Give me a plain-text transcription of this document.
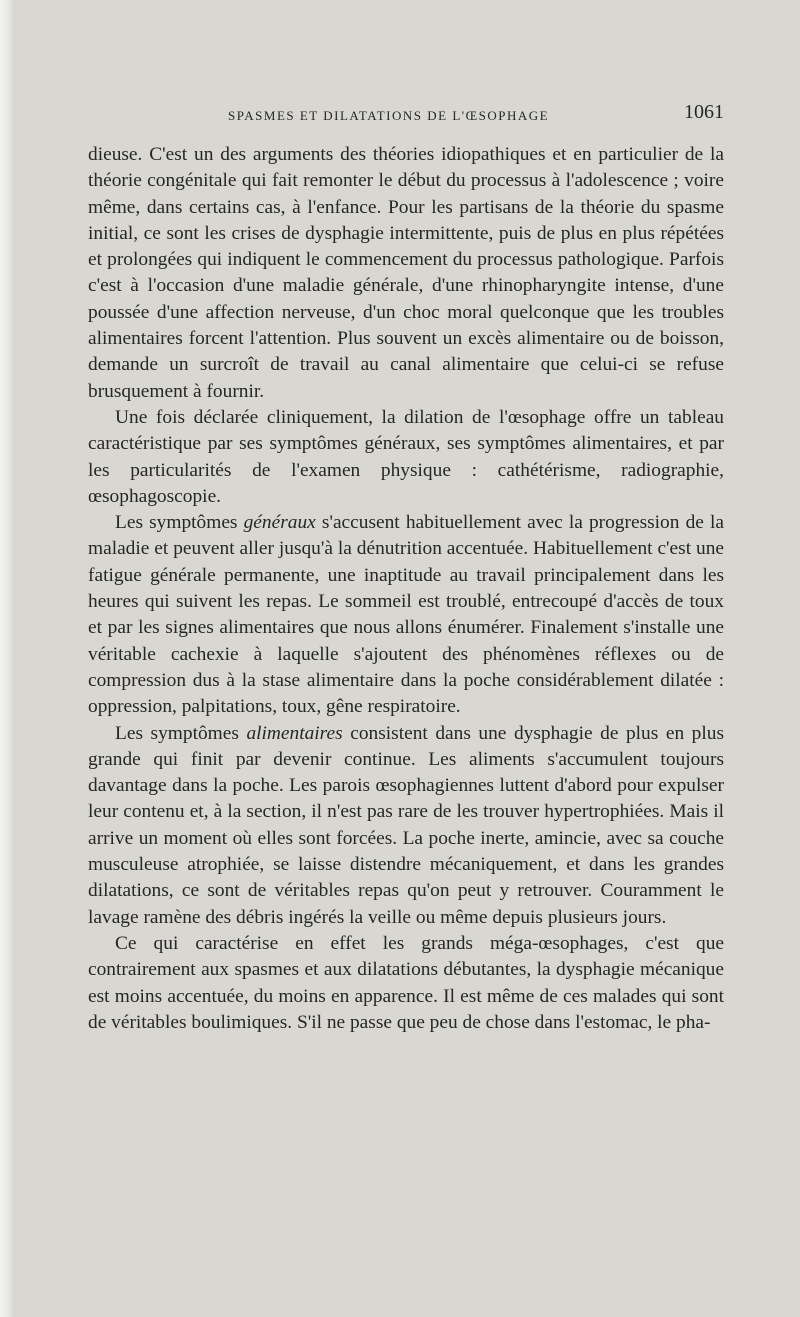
SPASMES ET DILATATIONS DE L'ŒSOPHAGE	1061

dieuse. C'est un des arguments des théories idiopathiques et en particulier de la théorie congénitale qui fait remonter le début du processus à l'adolescence ; voire même, dans certains cas, à l'enfance. Pour les partisans de la théorie du spasme initial, ce sont les crises de dysphagie intermittente, puis de plus en plus répétées et prolongées qui indiquent le commencement du processus pathologique. Parfois c'est à l'occasion d'une maladie générale, d'une rhinopharyngite intense, d'une poussée d'une affection nerveuse, d'un choc moral quelconque que les troubles alimentaires forcent l'attention. Plus souvent un excès alimentaire ou de boisson, demande un surcroît de travail au canal alimentaire que celui-ci se refuse brusquement à fournir.

Une fois déclarée cliniquement, la dilation de l'œsophage offre un tableau caractéristique par ses symptômes généraux, ses symptômes alimentaires, et par les particularités de l'examen physique : cathétérisme, radiographie, œsophagoscopie.

Les symptômes généraux s'accusent habituellement avec la progression de la maladie et peuvent aller jusqu'à la dénutrition accentuée. Habituellement c'est une fatigue générale permanente, une inaptitude au travail principalement dans les heures qui suivent les repas. Le sommeil est troublé, entrecoupé d'accès de toux et par les signes alimentaires que nous allons énumérer. Finalement s'installe une véritable cachexie à laquelle s'ajoutent des phénomènes réflexes ou de compression dus à la stase alimentaire dans la poche considérablement dilatée : oppression, palpitations, toux, gêne respiratoire.

Les symptômes alimentaires consistent dans une dysphagie de plus en plus grande qui finit par devenir continue. Les aliments s'accumulent toujours davantage dans la poche. Les parois œsophagiennes luttent d'abord pour expulser leur contenu et, à la section, il n'est pas rare de les trouver hypertrophiées. Mais il arrive un moment où elles sont forcées. La poche inerte, amincie, avec sa couche musculeuse atrophiée, se laisse distendre mécaniquement, et dans les grandes dilatations, ce sont de véritables repas qu'on peut y retrouver. Couramment le lavage ramène des débris ingérés la veille ou même depuis plusieurs jours.

Ce qui caractérise en effet les grands méga-œsophages, c'est que contrairement aux spasmes et aux dilatations débutantes, la dysphagie mécanique est moins accentuée, du moins en apparence. Il est même de ces malades qui sont de véritables boulimiques. S'il ne passe que peu de chose dans l'estomac, le pha-
